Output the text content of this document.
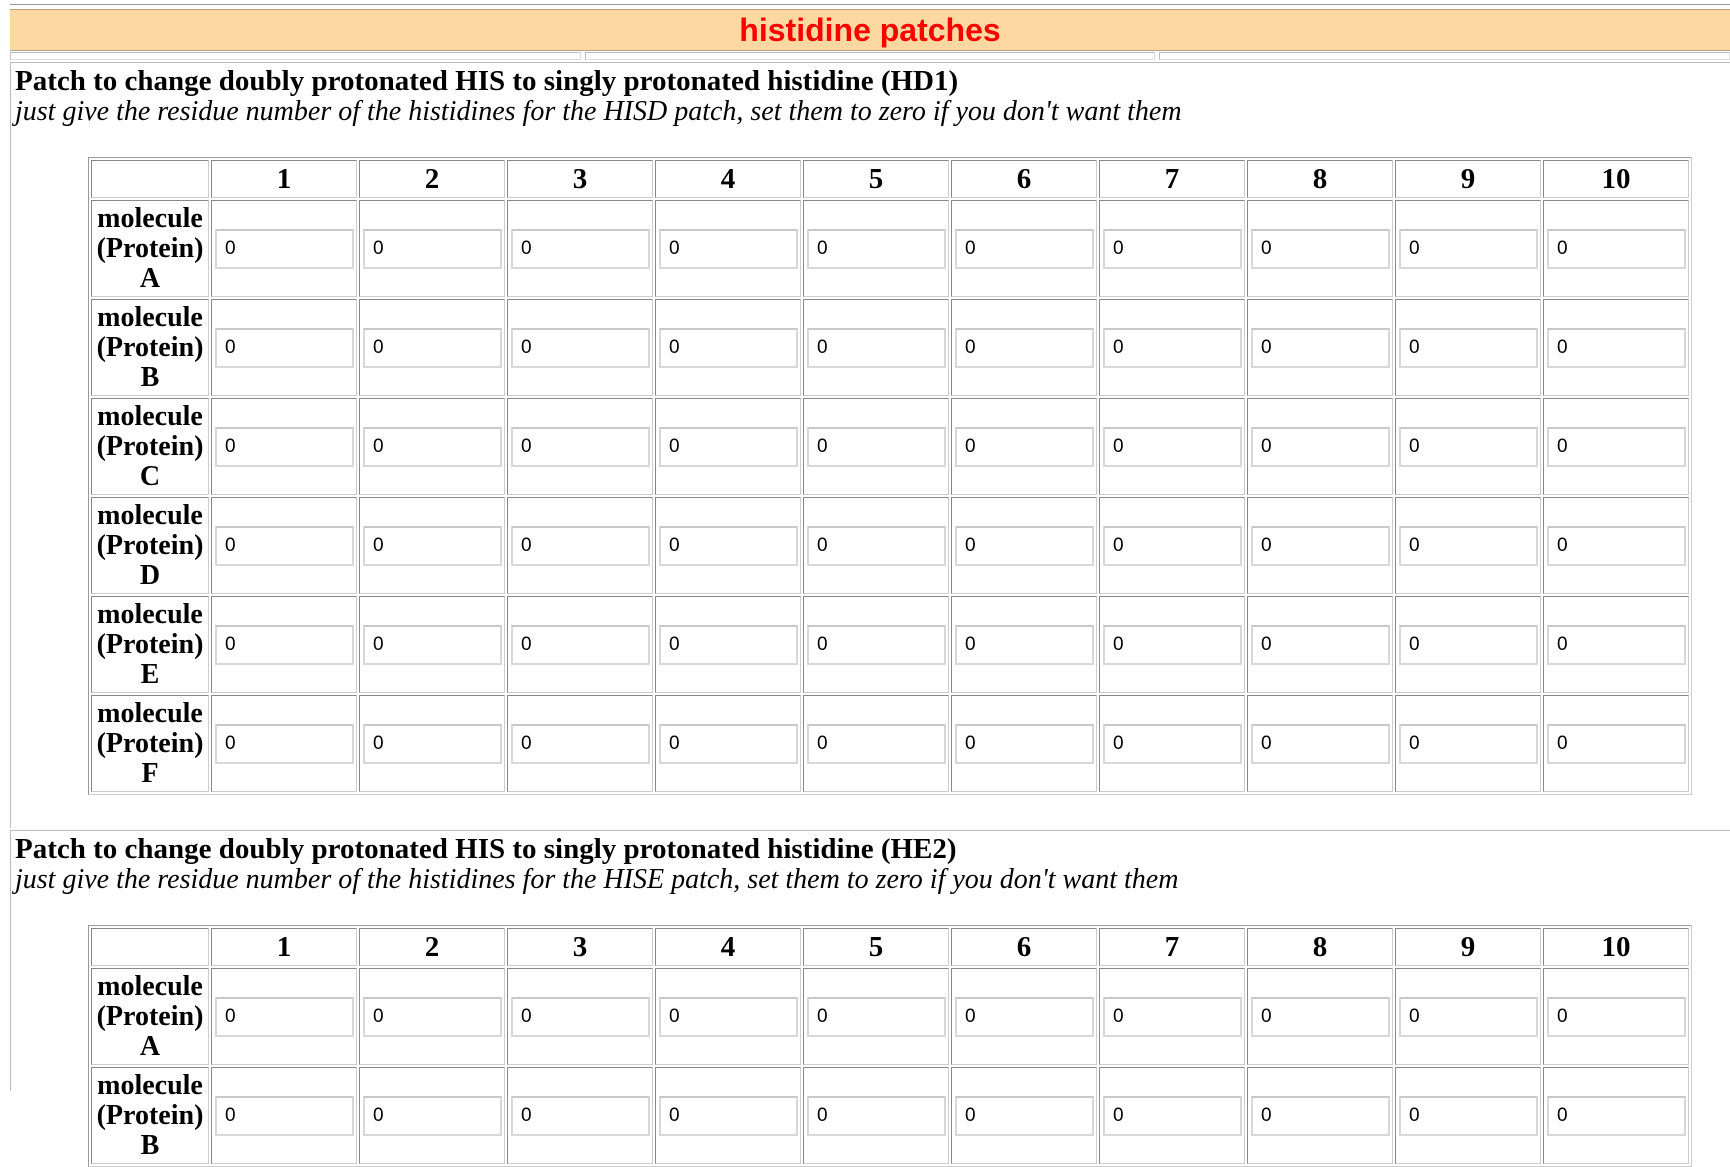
histidine patches
Patch to change doubly protonated HIS to singly protonated histidine (HD1)
just give the residue number of the histidines for the HISD patch, set them to zero if you don't want them
	1	2	3	4	5	6	7	8	9	10

molecule
(Protein)
A
	0	0	0	0	0	0	0	0	0	0

molecule
(Protein)
B
	0	0	0	0	0	0	0	0	0	0

molecule
(Protein)
C
	0	0	0	0	0	0	0	0	0	0

molecule
(Protein)
D
	0	0	0	0	0	0	0	0	0	0

molecule
(Protein)
E
	0	0	0	0	0	0	0	0	0	0

molecule
(Protein)
F
	0	0	0	0	0	0	0	0	0	0
Patch to change doubly protonated HIS to singly protonated histidine (HE2)
just give the residue number of the histidines for the HISE patch, set them to zero if you don't want them
	1	2	3	4	5	6	7	8	9	10

molecule
(Protein)
A
	0	0	0	0	0	0	0	0	0	0

molecule
(Protein)
B
	0	0	0	0	0	0	0	0	0	0
